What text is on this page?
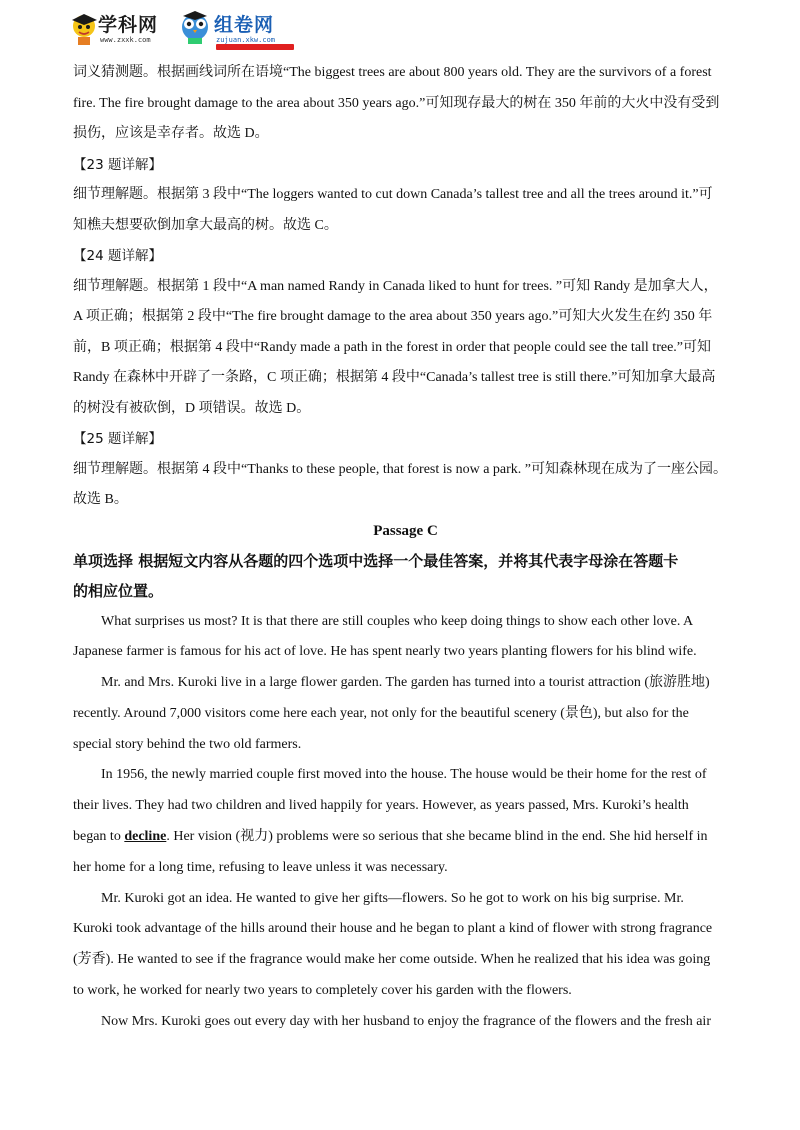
学科网
www.zxxk.com
组卷网
zujuan.xkw.com
词义猜测题。根据画线词所在语境“The biggest trees are about 800 years old. They are the survivors of a forest
fire. The fire brought damage to the area about 350 years ago.”可知现存最大的树在 350 年前的大火中没有受到
损伤，应该是幸存者。故选 D。
【23 题详解】
细节理解题。根据第 3 段中“The loggers wanted to cut down Canada’s tallest tree and all the trees around it.”可
知樵夫想要砍倒加拿大最高的树。故选 C。
【24 题详解】
细节理解题。根据第 1 段中“A man named Randy in Canada liked to hunt for trees. ”可知 Randy 是加拿大人，
A 项正确；根据第 2 段中“The fire brought damage to the area about 350 years ago.”可知大火发生在约 350 年
前，B 项正确；根据第 4 段中“Randy made a path in the forest in order that people could see the tall tree.”可知
Randy 在森林中开辟了一条路，C 项正确；根据第 4 段中“Canada’s tallest tree is still there.”可知加拿大最高
的树没有被砍倒，D 项错误。故选 D。
【25 题详解】
细节理解题。根据第 4 段中“Thanks to these people, that forest is now a park. ”可知森林现在成为了一座公园。
故选 B。
Passage C
单项选择 根据短文内容从各题的四个选项中选择一个最佳答案，并将其代表字母涂在答题卡
的相应位置。
What surprises us most? It is that there are still couples who keep doing things to show each other love. A
Japanese farmer is famous for his act of love. He has spent nearly two years planting flowers for his blind wife.
Mr. and Mrs. Kuroki live in a large flower garden. The garden has turned into a tourist attraction (旅游胜地)
recently. Around 7,000 visitors come here each year, not only for the beautiful scenery (景色), but also for the
special story behind the two old farmers.
In 1956, the newly married couple first moved into the house. The house would be their home for the rest of
their lives. They had two children and lived happily for years. However, as years passed, Mrs. Kuroki’s health
began to decline. Her vision (视力) problems were so serious that she became blind in the end. She hid herself in
her home for a long time, refusing to leave unless it was necessary.
Mr. Kuroki got an idea. He wanted to give her gifts—flowers. So he got to work on his big surprise. Mr.
Kuroki took advantage of the hills around their house and he began to plant a kind of flower with strong fragrance
(芳香). He wanted to see if the fragrance would make her come outside. When he realized that his idea was going
to work, he worked for nearly two years to completely cover his garden with the flowers.
Now Mrs. Kuroki goes out every day with her husband to enjoy the fragrance of the flowers and the fresh air
